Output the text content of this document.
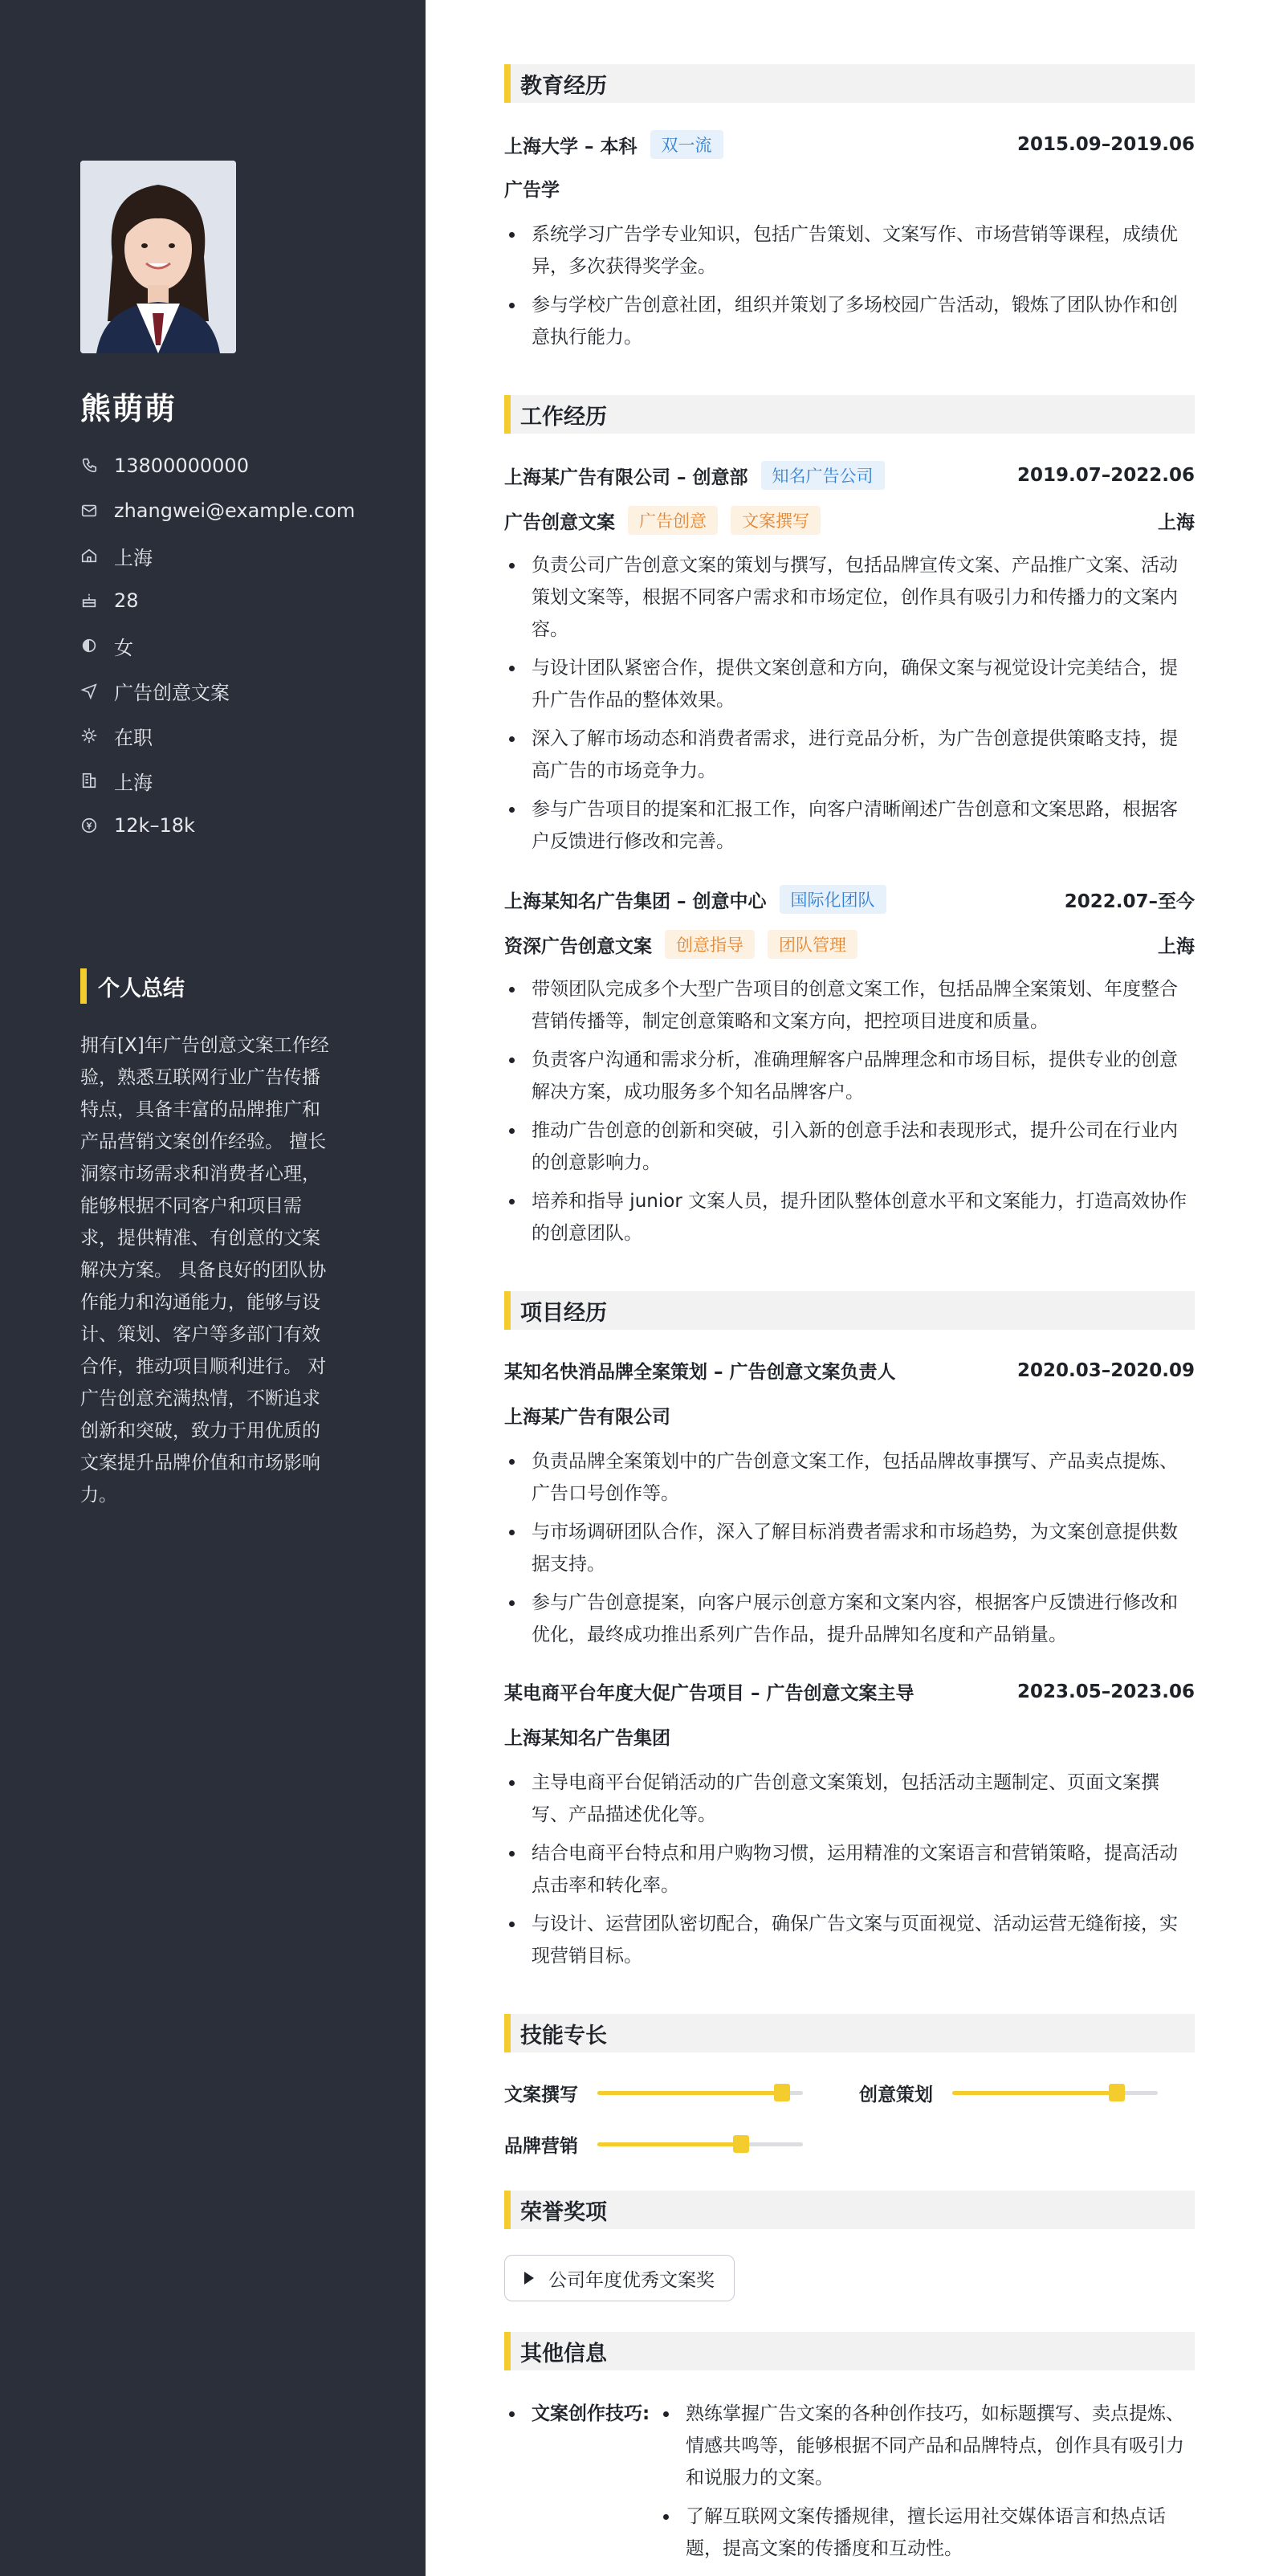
熊萌萌
13800000000
zhangwei@example.com
上海
28
女
广告创意文案
在职
上海
12k–18k
个人总结
拥有[X]年广告创意文案工作经验，熟悉互联网行业广告传播特点，具备丰富的品牌推广和产品营销文案创作经验。 擅长洞察市场需求和消费者心理，能够根据不同客户和项目需求，提供精准、有创意的文案解决方案。 具备良好的团队协作能力和沟通能力，能够与设计、策划、客户等多部门有效合作，推动项目顺利进行。 对广告创意充满热情，不断追求创新和突破，致力于用优质的文案提升品牌价值和市场影响力。
教育经历
上海大学 – 本科	双一流	2015.09–2019.06
广告学
系统学习广告学专业知识，包括广告策划、文案写作、市场营销等课程，成绩优异，多次获得奖学金。
参与学校广告创意社团，组织并策划了多场校园广告活动，锻炼了团队协作和创意执行能力。
工作经历
上海某广告有限公司 – 创意部	知名广告公司	2019.07–2022.06
广告创意文案	广告创意	文案撰写	上海
负责公司广告创意文案的策划与撰写，包括品牌宣传文案、产品推广文案、活动策划文案等，根据不同客户需求和市场定位，创作具有吸引力和传播力的文案内容。
与设计团队紧密合作，提供文案创意和方向，确保文案与视觉设计完美结合，提升广告作品的整体效果。
深入了解市场动态和消费者需求，进行竞品分析，为广告创意提供策略支持，提高广告的市场竞争力。
参与广告项目的提案和汇报工作，向客户清晰阐述广告创意和文案思路，根据客户反馈进行修改和完善。
上海某知名广告集团 – 创意中心	国际化团队	2022.07–至今
资深广告创意文案	创意指导	团队管理	上海
带领团队完成多个大型广告项目的创意文案工作，包括品牌全案策划、年度整合营销传播等，制定创意策略和文案方向，把控项目进度和质量。
负责客户沟通和需求分析，准确理解客户品牌理念和市场目标，提供专业的创意解决方案，成功服务多个知名品牌客户。
推动广告创意的创新和突破，引入新的创意手法和表现形式，提升公司在行业内的创意影响力。
培养和指导 junior 文案人员，提升团队整体创意水平和文案能力，打造高效协作的创意团队。
项目经历
某知名快消品牌全案策划 – 广告创意文案负责人	2020.03–2020.09
上海某广告有限公司
负责品牌全案策划中的广告创意文案工作，包括品牌故事撰写、产品卖点提炼、广告口号创作等。
与市场调研团队合作，深入了解目标消费者需求和市场趋势，为文案创意提供数据支持。
参与广告创意提案，向客户展示创意方案和文案内容，根据客户反馈进行修改和优化，最终成功推出系列广告作品，提升品牌知名度和产品销量。
某电商平台年度大促广告项目 – 广告创意文案主导	2023.05–2023.06
上海某知名广告集团
主导电商平台促销活动的广告创意文案策划，包括活动主题制定、页面文案撰写、产品描述优化等。
结合电商平台特点和用户购物习惯，运用精准的文案语言和营销策略，提高活动点击率和转化率。
与设计、运营团队密切配合，确保广告文案与页面视觉、活动运营无缝衔接，实现营销目标。
技能专长
文案撰写	创意策划
品牌营销
荣誉奖项
公司年度优秀文案奖
其他信息
文案创作技巧:	熟练掌握广告文案的各种创作技巧，如标题撰写、卖点提炼、情感共鸣等，能够根据不同产品和品牌特点，创作具有吸引力和说服力的文案。
了解互联网文案传播规律，擅长运用社交媒体语言和热点话题，提高文案的传播度和互动性。
